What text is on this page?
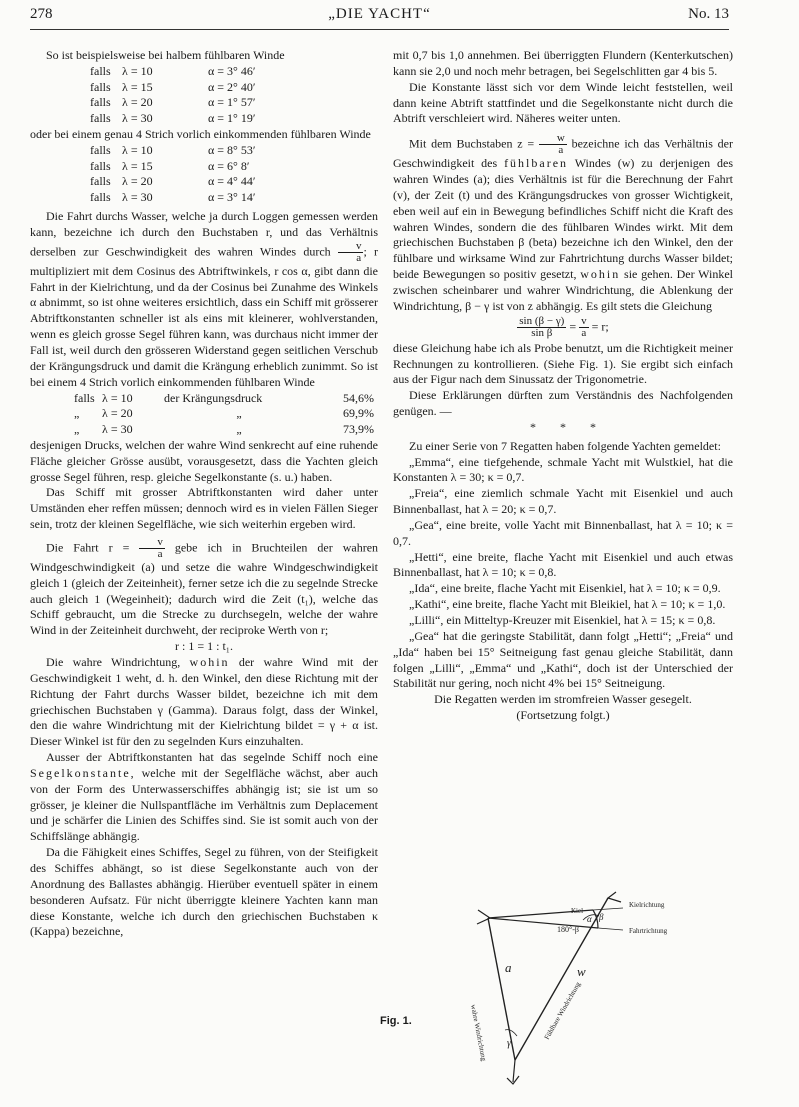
278	„DIE YACHT“	No. 13

So ist beispielsweise bei halbem fühlbaren Winde

falls	λ = 10	α = 3° 46′
falls	λ = 15	α = 2° 40′
falls	λ = 20	α = 1° 57′
falls	λ = 30	α = 1° 19′

oder bei einem genau 4 Strich vorlich einkommenden fühlbaren Winde

falls	λ = 10	α = 8° 53′
falls	λ = 15	α = 6° 8′
falls	λ = 20	α = 4° 44′
falls	λ = 30	α = 3° 14′

Die Fahrt durchs Wasser, welche ja durch Loggen gemessen werden kann, bezeichne ich durch den Buchstaben r, und das Verhältnis derselben zur Geschwindigkeit des wahren Windes durch $\frac{v}{a}$ ; r multipliziert mit dem Cosinus des Abtriftwinkels, r cos α, gibt dann die Fahrt in der Kielrichtung, und da der Cosinus bei Zunahme des Winkels α abnimmt, so ist ohne weiteres ersichtlich, dass ein Schiff mit grösserer Abtriftkonstanten schneller ist als eins mit kleinerer, wohlverstanden, wenn es gleich grosse Segel führen kann, was durchaus nicht immer der Fall ist, weil durch den grösseren Widerstand gegen seitlichen Verschub der Krängungsdruck und damit die Krängung erheblich zunimmt. So ist bei einem 4 Strich vorlich einkommenden fühlbaren Winde

falls	λ = 10	der Krängungsdruck	54,6%
„	λ = 20	„	69,9%
„	λ = 30	„	73,9%

desjenigen Drucks, welchen der wahre Wind senkrecht auf eine ruhende Fläche gleicher Grösse ausübt, vorausgesetzt, dass die Yachten gleich grosse Segel führen, resp. gleiche Segelkonstante (s. u.) haben.

Das Schiff mit grosser Abtriftkonstanten wird daher unter Umständen eher reffen müssen; dennoch wird es in vielen Fällen Sieger sein, trotz der kleinen Segelfläche, wie sich weiterhin ergeben wird.

Die Fahrt $r = \frac{v}{a}$ gebe ich in Bruchteilen der wahren Windgeschwindigkeit (a) und setze die wahre Windgeschwindigkeit gleich 1 (gleich der Zeiteinheit), ferner setze ich die zu segelnde Strecke auch gleich 1 (Wegeinheit); dadurch wird die Zeit (t₁), welche das Schiff gebraucht, um die Strecke zu durchsegeln, welche der wahre Wind in der Zeiteinheit durchweht, der reciproke Werth von r;

r : 1 = 1 : t₁.

Die wahre Windrichtung, wohin der wahre Wind mit der Geschwindigkeit 1 weht, d. h. den Winkel, den diese Richtung mit der Richtung der Fahrt durchs Wasser bildet, bezeichne ich mit dem griechischen Buchstaben γ (Gamma). Daraus folgt, dass der Winkel, den die wahre Windrichtung mit der Kielrichtung bildet = γ + α ist. Dieser Winkel ist für den zu segelnden Kurs einzuhalten.

Ausser der Abtriftkonstanten hat das segelnde Schiff noch eine Segelkonstante, welche mit der Segelfläche wächst, aber auch von der Form des Unterwasserschiffes abhängig ist; sie ist um so grösser, je kleiner die Nullspantfläche im Verhältnis zum Deplacement und je schärfer die Linien des Schiffes sind. Sie ist somit auch von der Schiffslänge abhängig.

Da die Fähigkeit eines Schiffes, Segel zu führen, von der Steifigkeit des Schiffes abhängt, so ist diese Segelkonstante auch von der Anordnung des Ballastes abhängig. Hierüber eventuell später in einem besonderen Aufsatz. Für nicht überriggte kleinere Yachten kann man diese Konstante, welche ich durch den griechischen Buchstaben κ (Kappa) bezeichne,

mit 0,7 bis 1,0 annehmen. Bei überriggten Flundern (Kenterkutschen) kann sie 2,0 und noch mehr betragen, bei Segelschlitten gar 4 bis 5.

Die Konstante lässt sich vor dem Winde leicht feststellen, weil dann keine Abtrift stattfindet und die Segelkonstante nicht durch die Abtrift verschleiert wird. Näheres weiter unten.

Mit dem Buchstaben $z = \frac{w}{a}$ bezeichne ich das Verhältnis der Geschwindigkeit des fühlbaren Windes (w) zu derjenigen des wahren Windes (a); dies Verhältnis ist für die Berechnung der Fahrt (v), der Zeit (t) und des Krängungsdruckes von grosser Wichtigkeit, eben weil auf ein in Bewegung befindliches Schiff nicht die Kraft des wahren Windes, sondern die des fühlbaren Windes wirkt. Mit dem griechischen Buchstaben β (beta) bezeichne ich den Winkel, den der fühlbare und wirksame Wind zur Fahrtrichtung durchs Wasser bildet; beide Bewegungen so positiv gesetzt, wohin sie gehen. Der Winkel zwischen scheinbarer und wahrer Windrichtung, die Ablenkung der Windrichtung, β − γ ist von z abhängig. Es gilt stets die Gleichung

$\frac{\sin (\beta - \gamma)}{\text{sin β}} = \frac{v}{a} = r$;

diese Gleichung habe ich als Probe benutzt, um die Richtigkeit meiner Rechnungen zu kontrollieren. (Siehe Fig. 1). Sie ergibt sich einfach aus der Figur nach dem Sinussatz der Trigonometrie.

Diese Erklärungen dürften zum Verständnis des Nachfolgenden genügen. —

*        *        *

Zu einer Serie von 7 Regatten haben folgende Yachten gemeldet:

„Emma“, eine tiefgehende, schmale Yacht mit Wulstkiel, hat die Konstanten λ = 30; κ = 0,7.

„Freia“, eine ziemlich schmale Yacht mit Eisenkiel und auch Binnenballast, hat λ = 20; κ = 0,7.

„Gea“, eine breite, volle Yacht mit Binnenballast, hat λ = 10; κ = 0,7.

„Hetti“, eine breite, flache Yacht mit Eisenkiel und auch etwas Binnenballast, hat λ = 10; κ = 0,8.

„Ida“, eine breite, flache Yacht mit Eisenkiel, hat λ = 10; κ = 0,9.

„Kathi“, eine breite, flache Yacht mit Bleikiel, hat λ = 10; κ = 1,0.

„Lilli“, ein Mitteltyp-Kreuzer mit Eisenkiel, hat λ = 15; κ = 0,8.

„Gea“ hat die geringste Stabilität, dann folgt „Hetti“; „Freia“ und „Ida“ haben bei 15° Seitneigung fast genau gleiche Stabilität, dann folgen „Lilli“, „Emma“ und „Kathi“, doch ist der Unterschied der Stabilität nur gering, noch nicht 4% bei 15° Seitneigung.

Die Regatten werden im stromfreien Wasser gesegelt.

(Fortsetzung folgt.)

Fig. 1.
Kiel
Kielrichtung
Fahrtrichtung
wahre Windrichtung	Fühlbare Windrichtung
a	w
α
180°-β
β
γ
